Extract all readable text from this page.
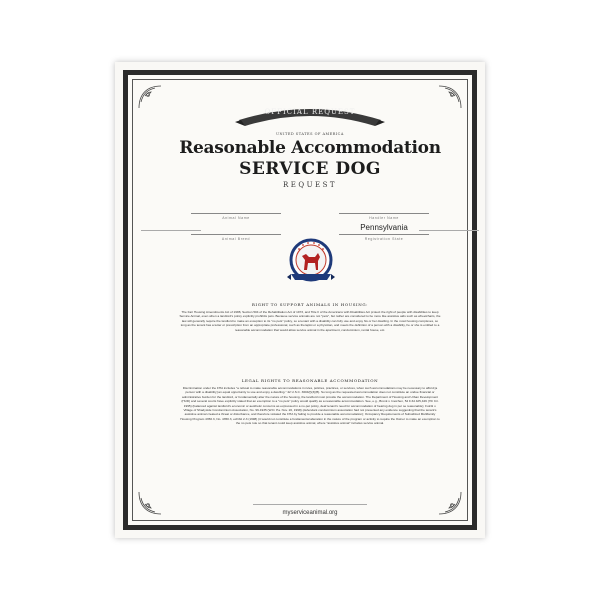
OFFICIAL REQUEST
UNITED STATES OF AMERICA
Reasonable Accommodation
SERVICE DOG
REQUEST
Animal Name	Handler Name
Animal Breed
Pennsylvania
Registration State
RIGHT TO SUPPORT ANIMALS IN HOUSING:
The Fair Housing Amendments Act of 1988, Section 504 of the Rehabilitation Act of 1973, and Title II of the Americans with Disabilities Act protect the right of people with disabilities to keep Service Animal, even when a landlord's policy explicitly prohibits pets. Because service animals are not "pets", but rather are considered to be more like assistive aids such as wheelchairs, the law will generally require the landlord to make an exception to its "no pets" policy, so a tenant with a disability can fully use and enjoy his or her dwelling. In the most housing complexes, so long as the tenant has a letter or prescription from an appropriate professional, such as therapist or a physician, and meets the definition of a person with a disability, he or she is entitled to a reasonable accommodation that would allow service animal in the apartment, condominium, rental house, etc.
LEGAL RIGHTS TO REASONABLE ACCOMMODATION
Discrimination under the FHA includes "a refusal to make reasonable accommodations in rules, policies, practices, or services, when such accommodations may be necessary to afford [a person with a disability] an equal opportunity to use and enjoy a dwelling." 42 U.S.C. 3604(f)(3)(B). So long as the requested accommodation does not constitute an undue financial or administrative burden for the landlord, or fundamentally alter the nature of the housing, the landlord must provide the accommodation. The Department of Housing and Urban Development (HUD) and several courts have explicitly stated that an exemption to a "no pets" policy would qualify as a reasonable accommodation. See, e.g., Bronk v. Ineichen, 54 F.3d 425,429 (7th Cir. 1995) (balanced against landlord's economic or aesthetic concerns as expressed in a no-pet policy, deaf tenant's need for accommodation of hearing dog in per se reasonable); Fulciti v. Village of Shadyside Condominium Association, No. 96-1935 (W.D. Pa. Nov. 20, 1998) (defendant condominium association had not presented any evidence suggesting that the tenant's assistive animal created a threat or disturbance, and therefore violated the FHA by failing to provide a reasonable accommodation); Occupancy Requirements of Subsidized Multifamily Housing Program 4350.3, No. 4350.3, exhibit 2-3 (1998) (it would not constitute a fundamental alteration in the nature of the program or activity to require the Owner to make an exemption to the no pets rule so that tenant could keep assistive animal, where "assistive animal" includes service animal.
myserviceanimal.org
